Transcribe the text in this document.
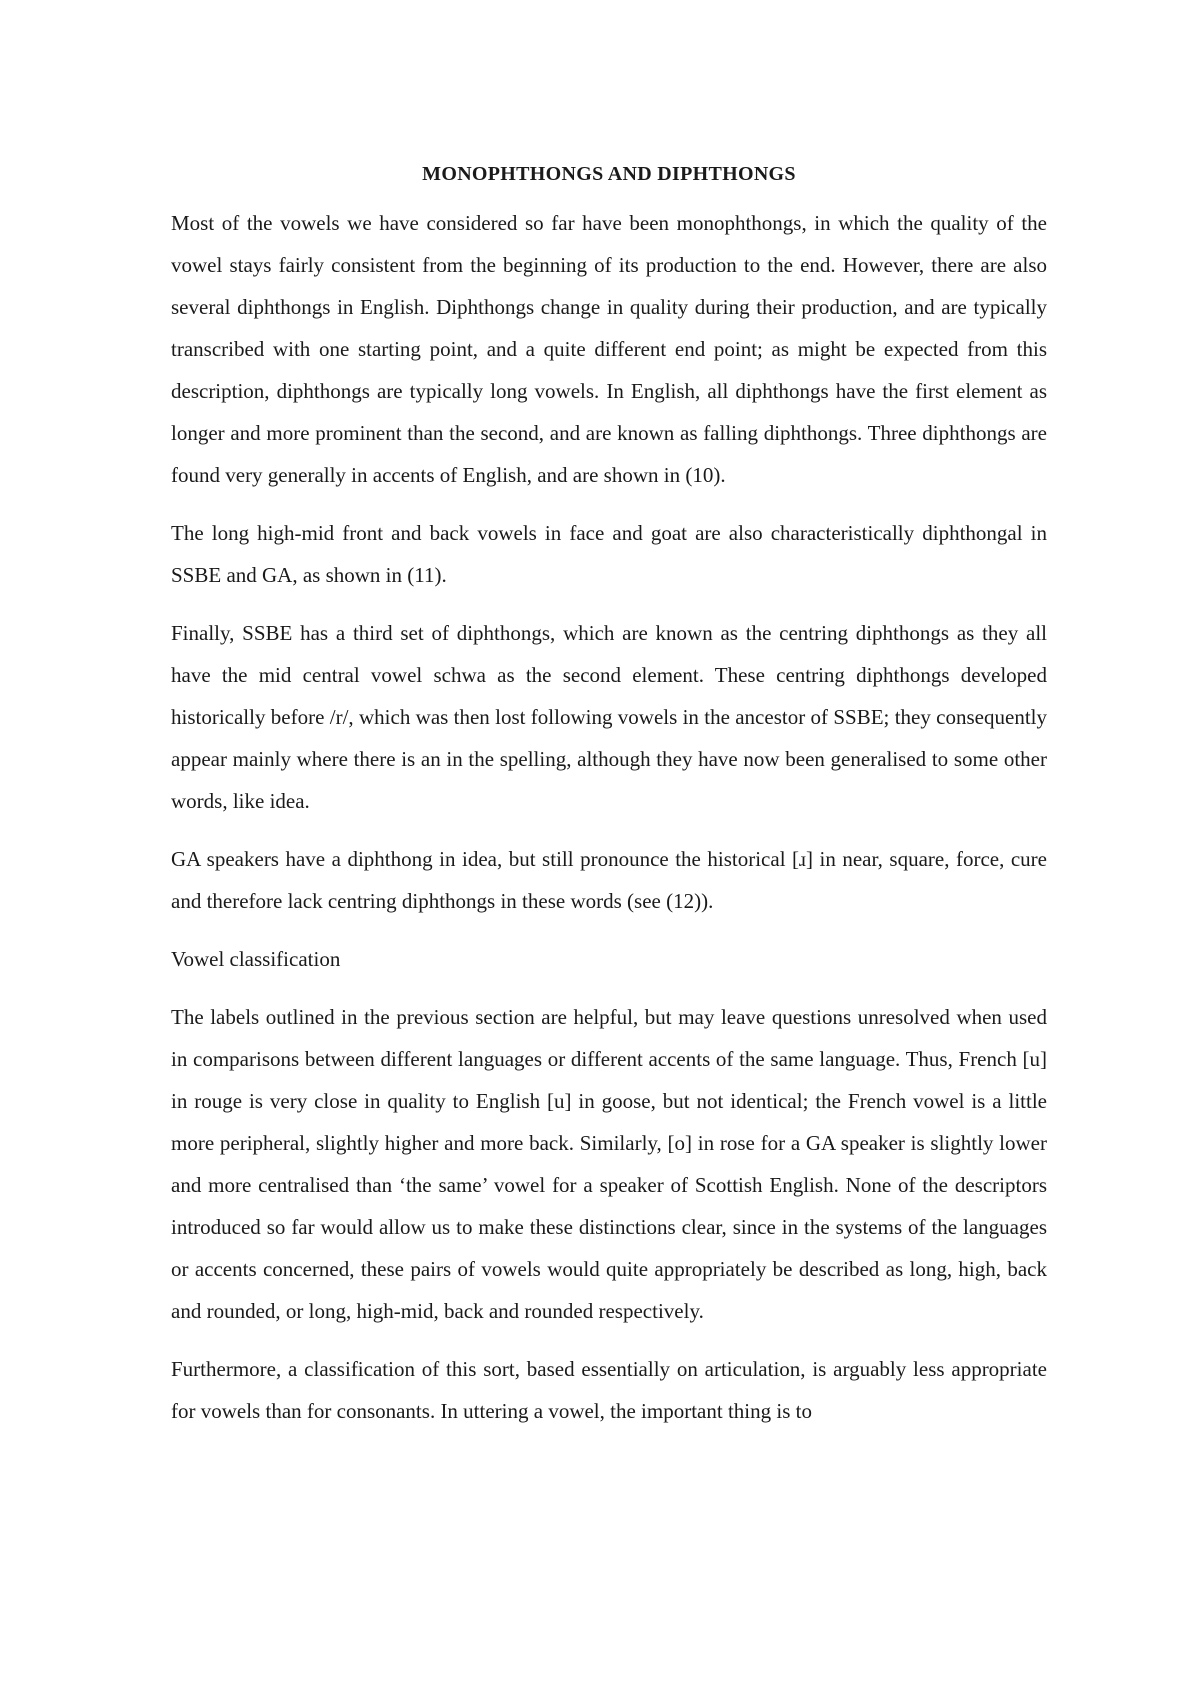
MONOPHTHONGS AND DIPHTHONGS
Most of the vowels we have considered so far have been monophthongs, in which the quality of the vowel stays fairly consistent from the beginning of its production to the end. However, there are also several diphthongs in English. Diphthongs change in quality during their production, and are typically transcribed with one starting point, and a quite different end point; as might be expected from this description, diphthongs are typically long vowels. In English, all diphthongs have the first element as longer and more prominent than the second, and are known as falling diphthongs. Three diphthongs are found very generally in accents of English, and are shown in (10).
The long high-mid front and back vowels in face and goat are also characteristically diphthongal in SSBE and GA, as shown in (11).
Finally, SSBE has a third set of diphthongs, which are known as the centring diphthongs as they all have the mid central vowel schwa as the second element. These centring diphthongs developed historically before /r/, which was then lost following vowels in the ancestor of SSBE; they consequently appear mainly where there is an in the spelling, although they have now been generalised to some other words, like idea.
GA speakers have a diphthong in idea, but still pronounce the historical [ɹ] in near, square, force, cure and therefore lack centring diphthongs in these words (see (12)).
Vowel classification
The labels outlined in the previous section are helpful, but may leave questions unresolved when used in comparisons between different languages or different accents of the same language. Thus, French [u] in rouge is very close in quality to English [u] in goose, but not identical; the French vowel is a little more peripheral, slightly higher and more back. Similarly, [o] in rose for a GA speaker is slightly lower and more centralised than ‘the same’ vowel for a speaker of Scottish English. None of the descriptors introduced so far would allow us to make these distinctions clear, since in the systems of the languages or accents concerned, these pairs of vowels would quite appropriately be described as long, high, back and rounded, or long, high-mid, back and rounded respectively.
Furthermore, a classification of this sort, based essentially on articulation, is arguably less appropriate for vowels than for consonants. In uttering a vowel, the important thing is to
